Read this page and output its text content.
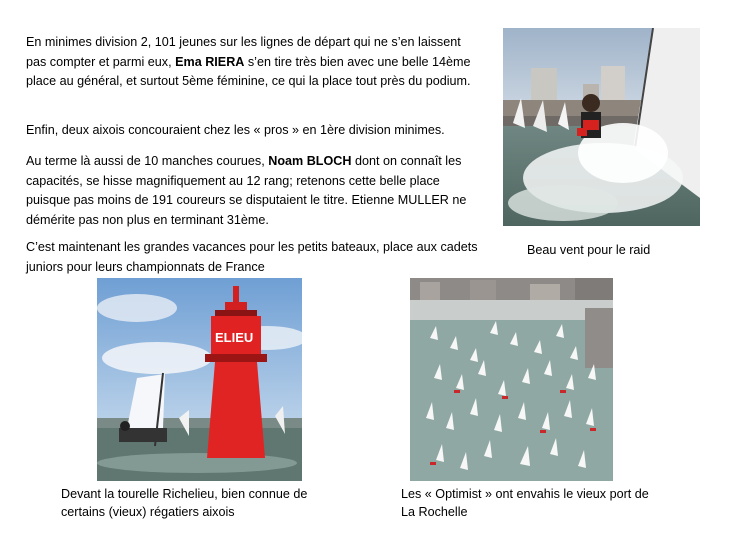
En minimes division 2, 101 jeunes sur les lignes de départ qui ne s’en laissent pas compter et parmi eux, Ema RIERA s’en tire très bien avec une belle 14ème place au général, et surtout 5ème féminine, ce qui la place tout près du podium.

Enfin, deux aixois concouraient chez les « pros » en 1ère division minimes.

Au terme là aussi de 10 manches courues, Noam BLOCH dont on connaît les capacités, se hisse magnifiquement au 12 rang; retenons cette belle place puisque pas moins de 191 coureurs se disputaient le titre. Etienne MULLER ne démérite pas non plus en terminant 31ème.

C’est maintenant les grandes vacances pour les petits bateaux, place aux cadets juniors pour leurs championnats de France

Beau vent pour le raid

ELIEU

Devant la tourelle Richelieu, bien connue de certains (vieux) régatiers aixois

Les « Optimist » ont envahis le vieux port de La Rochelle
